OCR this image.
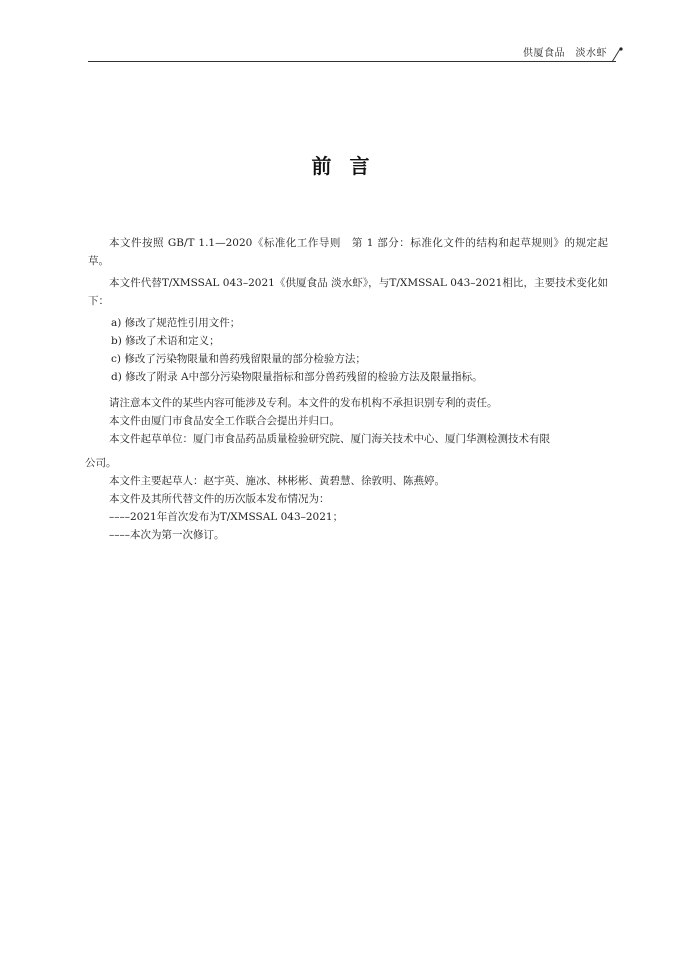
供厦食品　淡水虾
前言

本文件按照 GB/T 1.1—2020《标准化工作导则　第 1 部分：标准化文件的结构和起草规则》的规定起草。

本文件代替T/XMSSAL 043–2021《供厦食品 淡水虾》，与T/XMSSAL 043–2021相比，主要技术变化如下：

a) 修改了规范性引用文件；
b) 修改了术语和定义；
c) 修改了污染物限量和兽药残留限量的部分检验方法；
d) 修改了附录 A中部分污染物限量指标和部分兽药残留的检验方法及限量指标。

请注意本文件的某些内容可能涉及专利。本文件的发布机构不承担识别专利的责任。

本文件由厦门市食品安全工作联合会提出并归口。

本文件起草单位：厦门市食品药品质量检验研究院、厦门海关技术中心、厦门华测检测技术有限

公司。

本文件主要起草人：赵宇英、施冰、林彬彬、黄碧慧、徐敦明、陈燕婷。

本文件及其所代替文件的历次版本发布情况为：

––––2021年首次发布为T/XMSSAL 043–2021；

––––本次为第一次修订。
